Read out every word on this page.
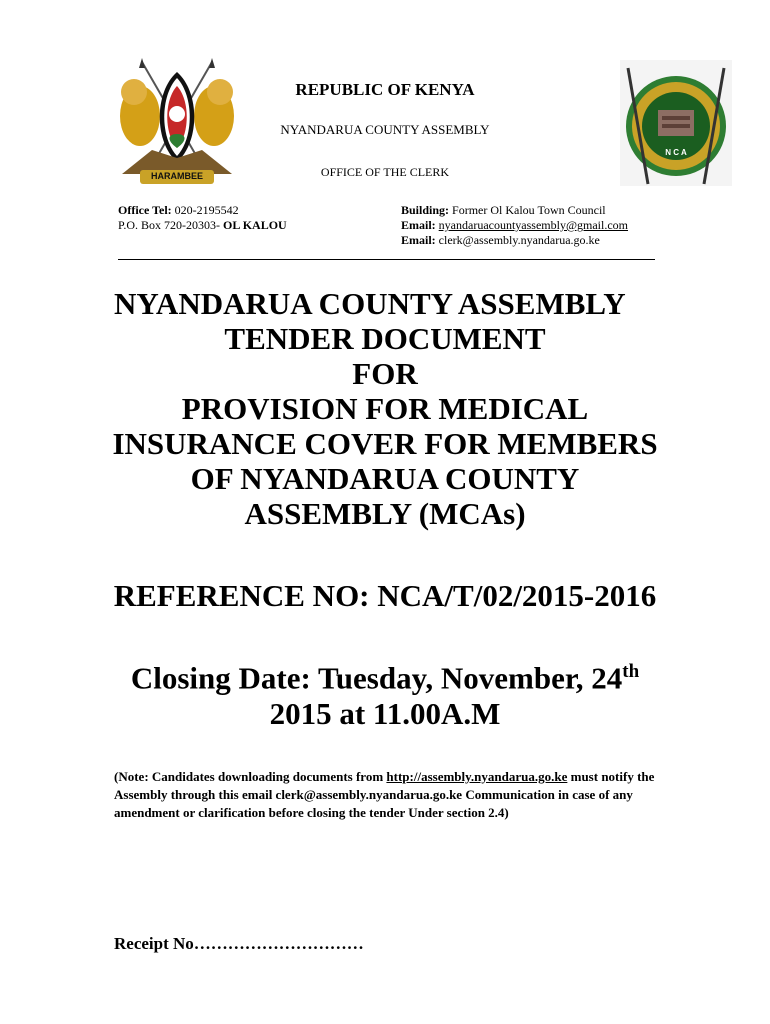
HARAMBEE
N C A
REPUBLIC OF KENYA
NYANDARUA COUNTY ASSEMBLY
OFFICE OF THE CLERK
Office Tel: 020-2195542
P.O. Box 720-20303- OL KALOU
Building: Former Ol Kalou Town Council
Email: nyandaruacountyassembly@gmail.com
Email: clerk@assembly.nyandarua.go.ke
NYANDARUA COUNTY ASSEMBLY
TENDER DOCUMENT
FOR
PROVISION FOR MEDICAL
INSURANCE COVER FOR MEMBERS
OF NYANDARUA COUNTY
ASSEMBLY (MCAs)
REFERENCE NO: NCA/T/02/2015-2016
Closing Date: Tuesday, November, 24th
2015 at 11.00A.M
(Note: Candidates downloading documents from http://assembly.nyandarua.go.ke must notify the Assembly through this email clerk@assembly.nyandarua.go.ke Communication in case of any amendment or clarification before closing the tender Under section 2.4)
Receipt No…………………………
